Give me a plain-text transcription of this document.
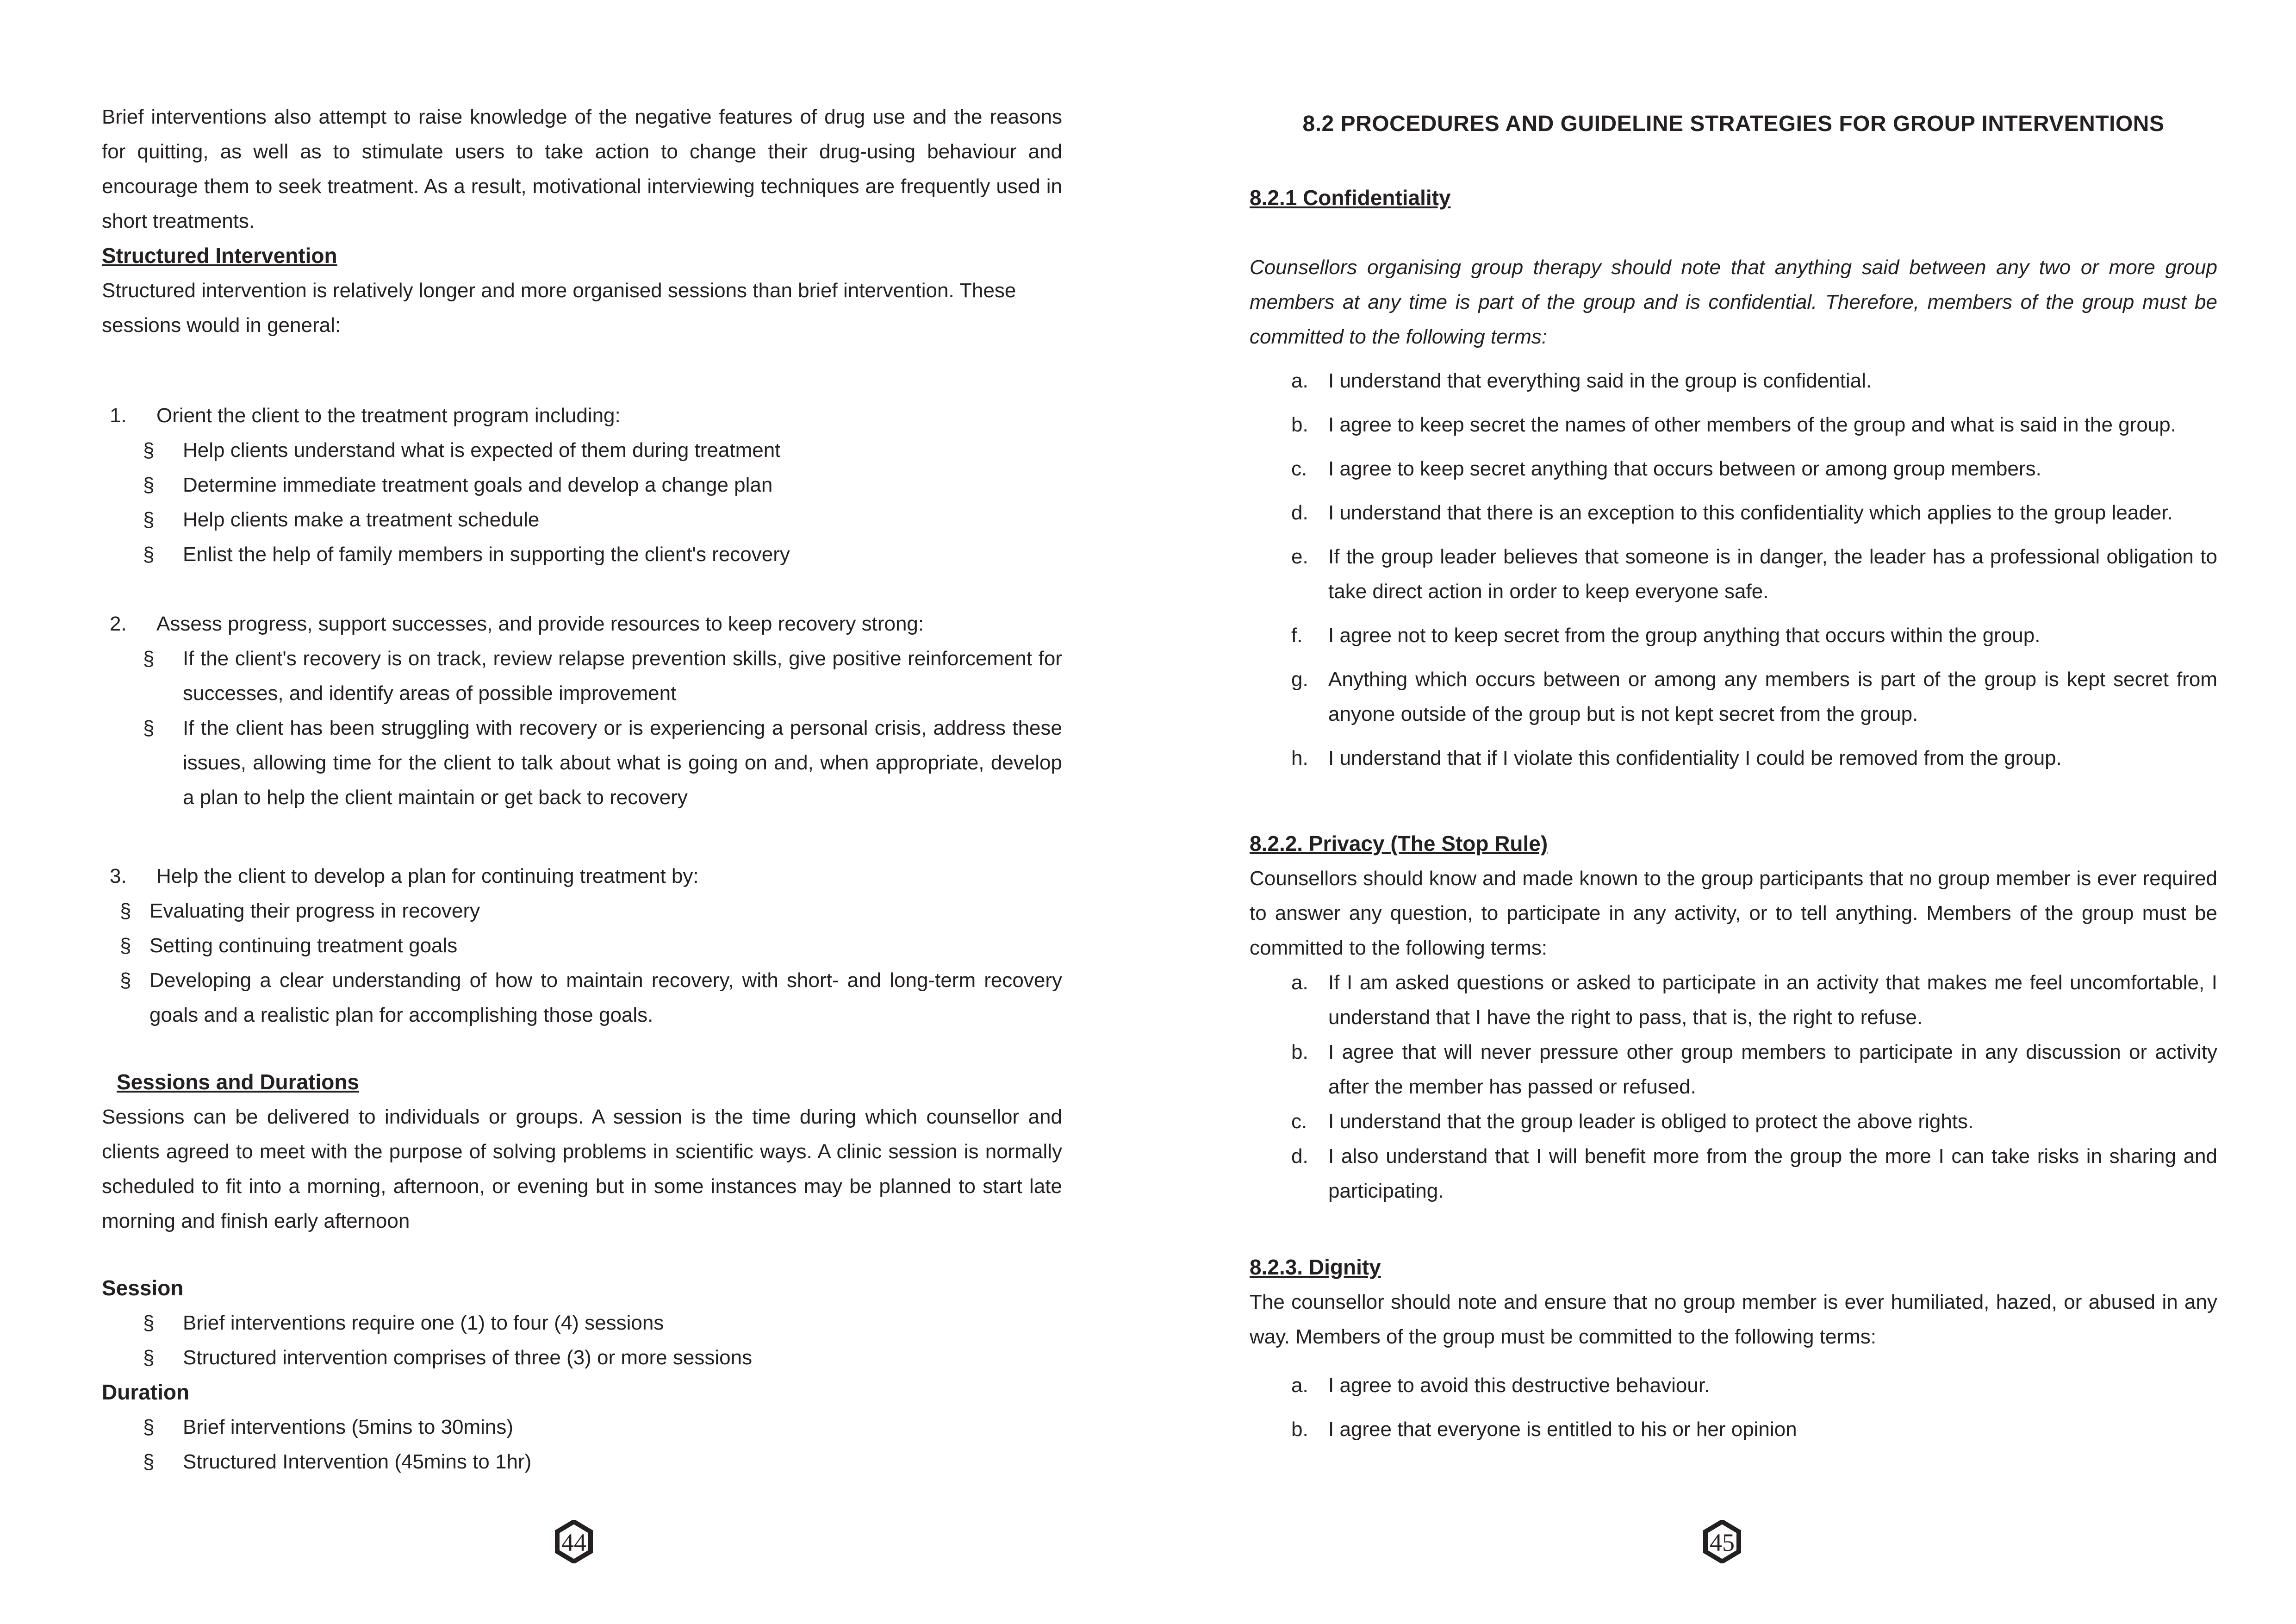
Brief interventions also attempt to raise knowledge of the negative features of drug use and the reasons for quitting, as well as to stimulate users to take action to change their drug-using behaviour and encourage them to seek treatment. As a result, motivational interviewing techniques are frequently used in short treatments.
Structured Intervention
Structured intervention is relatively longer and more organised sessions than brief intervention. These sessions would in general:
1.	Orient the client to the treatment program including:
§	Help clients understand what is expected of them during treatment
§	Determine immediate treatment goals and develop a change plan
§	Help clients make a treatment schedule
§	Enlist the help of family members in supporting the client's recovery
2.	Assess progress, support successes, and provide resources to keep recovery strong:
§	If the client's recovery is on track, review relapse prevention skills, give positive reinforcement for successes, and identify areas of possible improvement
§	If the client has been struggling with recovery or is experiencing a personal crisis, address these issues, allowing time for the client to talk about what is going on and, when appropriate, develop a plan to help the client maintain or get back to recovery
3.	Help the client to develop a plan for continuing treatment by:
§ Evaluating their progress in recovery
§ Setting continuing treatment goals
§ Developing a clear understanding of how to maintain recovery, with short- and long-term recovery goals and a realistic plan for accomplishing those goals.
Sessions and Durations
Sessions can be delivered to individuals or groups. A session is the time during which counsellor and clients agreed to meet with the purpose of solving problems in scientific ways. A clinic session is normally scheduled to fit into a morning, afternoon, or evening but in some instances may be planned to start late morning and finish early afternoon
Session
§	Brief interventions require one (1) to four (4) sessions
§	Structured intervention comprises of three (3) or more sessions
Duration
§	Brief interventions (5mins to 30mins)
§	Structured Intervention (45mins to 1hr)
44
8.2 PROCEDURES AND GUIDELINE STRATEGIES FOR GROUP INTERVENTIONS
8.2.1 Confidentiality
Counsellors organising group therapy should note that anything said between any two or more group members at any time is part of the group and is confidential. Therefore, members of the group must be committed to the following terms:
a. I understand that everything said in the group is confidential.
b. I agree to keep secret the names of other members of the group and what is said in the group.
c.	I agree to keep secret anything that occurs between or among group members.
d. I understand that there is an exception to this confidentiality which applies to the group leader.
e. If the group leader believes that someone is in danger, the leader has a professional obligation to take direct action in order to keep everyone safe.
f.	I agree not to keep secret from the group anything that occurs within the group.
g. Anything which occurs between or among any members is part of the group is kept secret from anyone outside of the group but is not kept secret from the group.
h. I understand that if I violate this confidentiality I could be removed from the group.
8.2.2. Privacy (The Stop Rule)
Counsellors should know and made known to the group participants that no group member is ever required to answer any question, to participate in any activity, or to tell anything. Members of the group must be committed to the following terms:
a. If I am asked questions or asked to participate in an activity that makes me feel uncomfortable, I understand that I have the right to pass, that is, the right to refuse.
b. I agree that will never pressure other group members to participate in any discussion or activity after the member has passed or refused.
c.	I understand that the group leader is obliged to protect the above rights.
d. I also understand that I will benefit more from the group the more I can take risks in sharing and participating.
8.2.3. Dignity
The counsellor should note and ensure that no group member is ever humiliated, hazed, or abused in any way. Members of the group must be committed to the following terms:
a. I agree to avoid this destructive behaviour.
b. I agree that everyone is entitled to his or her opinion
45
